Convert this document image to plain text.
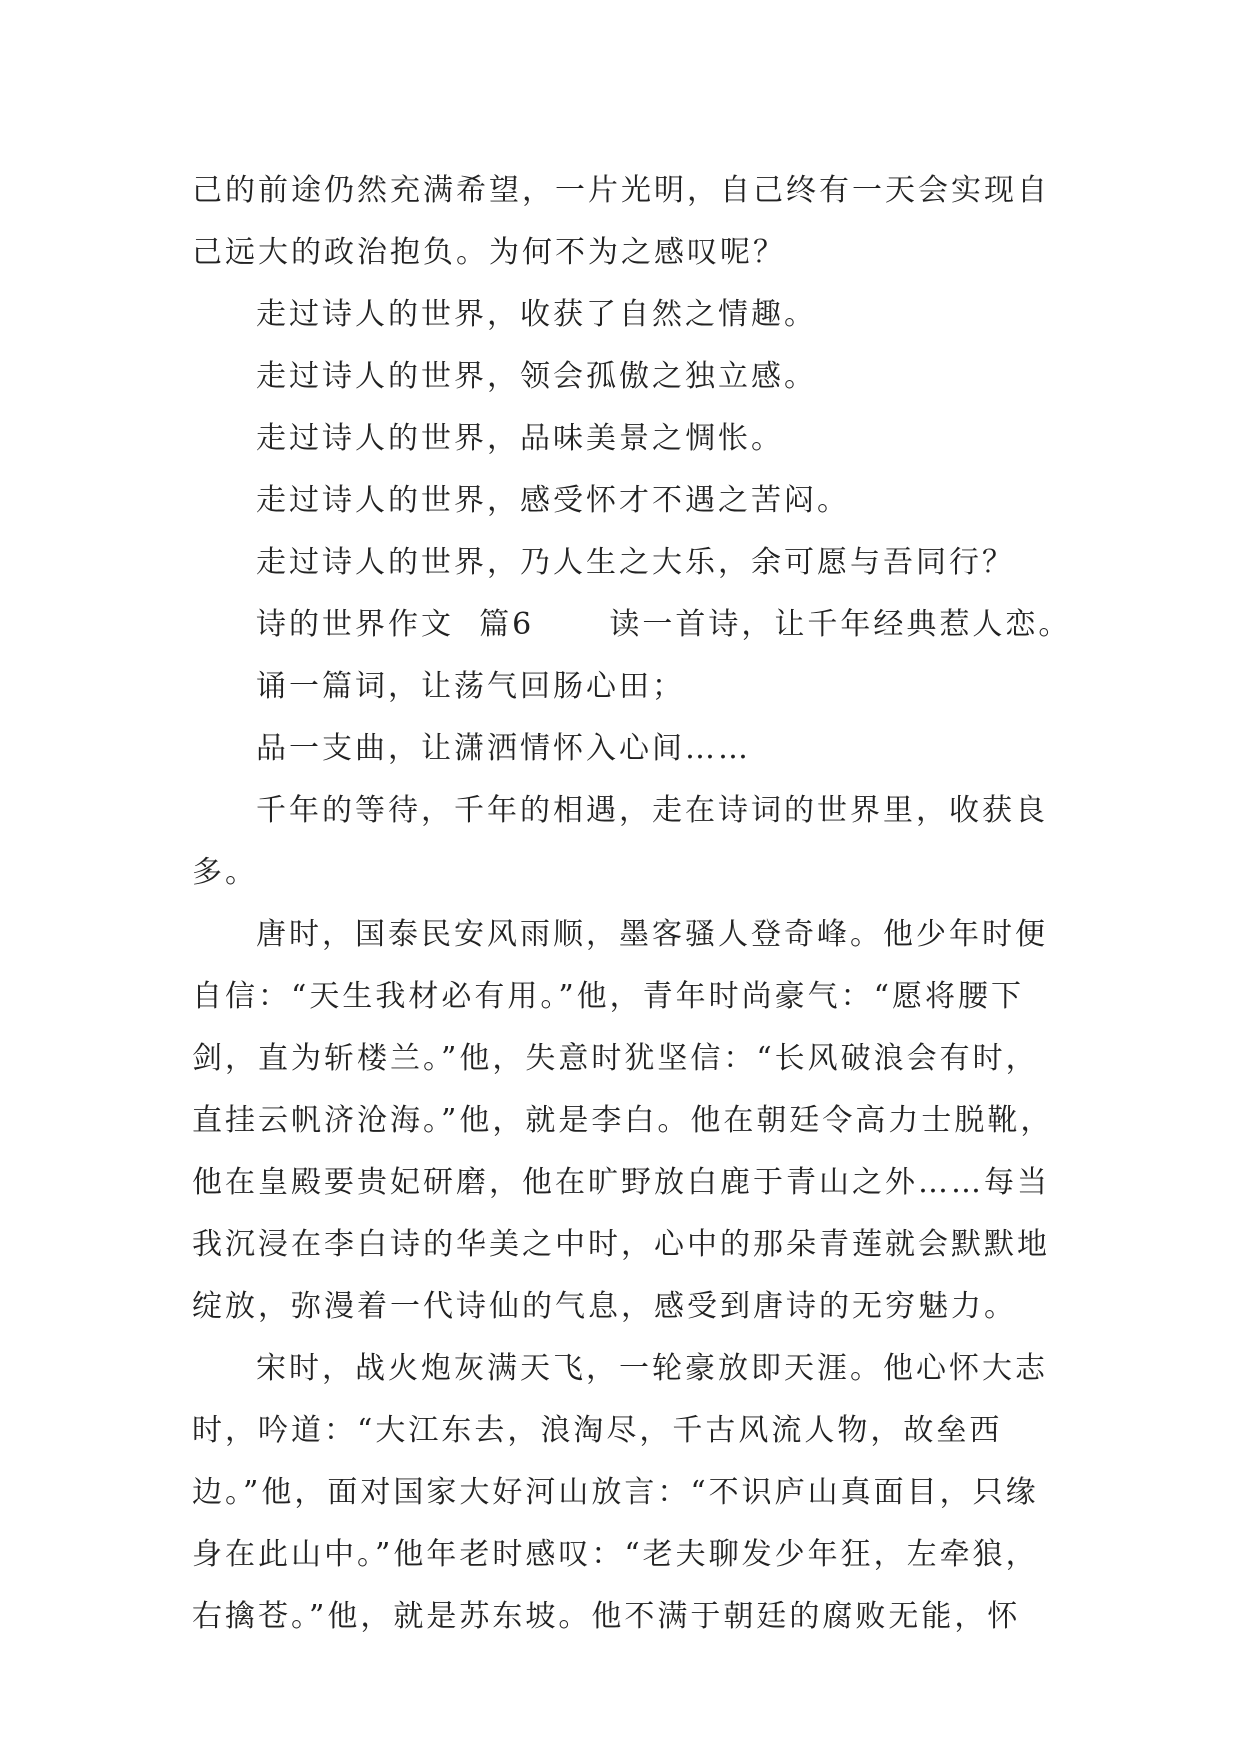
己的前途仍然充满希望，一片光明，自己终有一天会实现自
己远大的政治抱负。为何不为之感叹呢？
走过诗人的世界，收获了自然之情趣。
走过诗人的世界，领会孤傲之独立感。
走过诗人的世界，品味美景之惆怅。
走过诗人的世界，感受怀才不遇之苦闷。
走过诗人的世界，乃人生之大乐，余可愿与吾同行？
诗的世界作文  篇6      读一首诗，让千年经典惹人恋。
诵一篇词，让荡气回肠心田；
品一支曲，让潇洒情怀入心间……
千年的等待，千年的相遇，走在诗词的世界里，收获良
多。
唐时，国泰民安风雨顺，墨客骚人登奇峰。他少年时便
自信：“天生我材必有用。”他，青年时尚豪气：“愿将腰下
剑，直为斩楼兰。”他，失意时犹坚信：“长风破浪会有时，
直挂云帆济沧海。”他，就是李白。他在朝廷令高力士脱靴，
他在皇殿要贵妃研磨，他在旷野放白鹿于青山之外……每当
我沉浸在李白诗的华美之中时，心中的那朵青莲就会默默地
绽放，弥漫着一代诗仙的气息，感受到唐诗的无穷魅力。
宋时，战火炮灰满天飞，一轮豪放即天涯。他心怀大志
时，吟道：“大江东去，浪淘尽，千古风流人物，故垒西
边。”他，面对国家大好河山放言：“不识庐山真面目，只缘
身在此山中。”他年老时感叹：“老夫聊发少年狂，左牵狼，
右擒苍。”他，就是苏东坡。他不满于朝廷的腐败无能，怀
